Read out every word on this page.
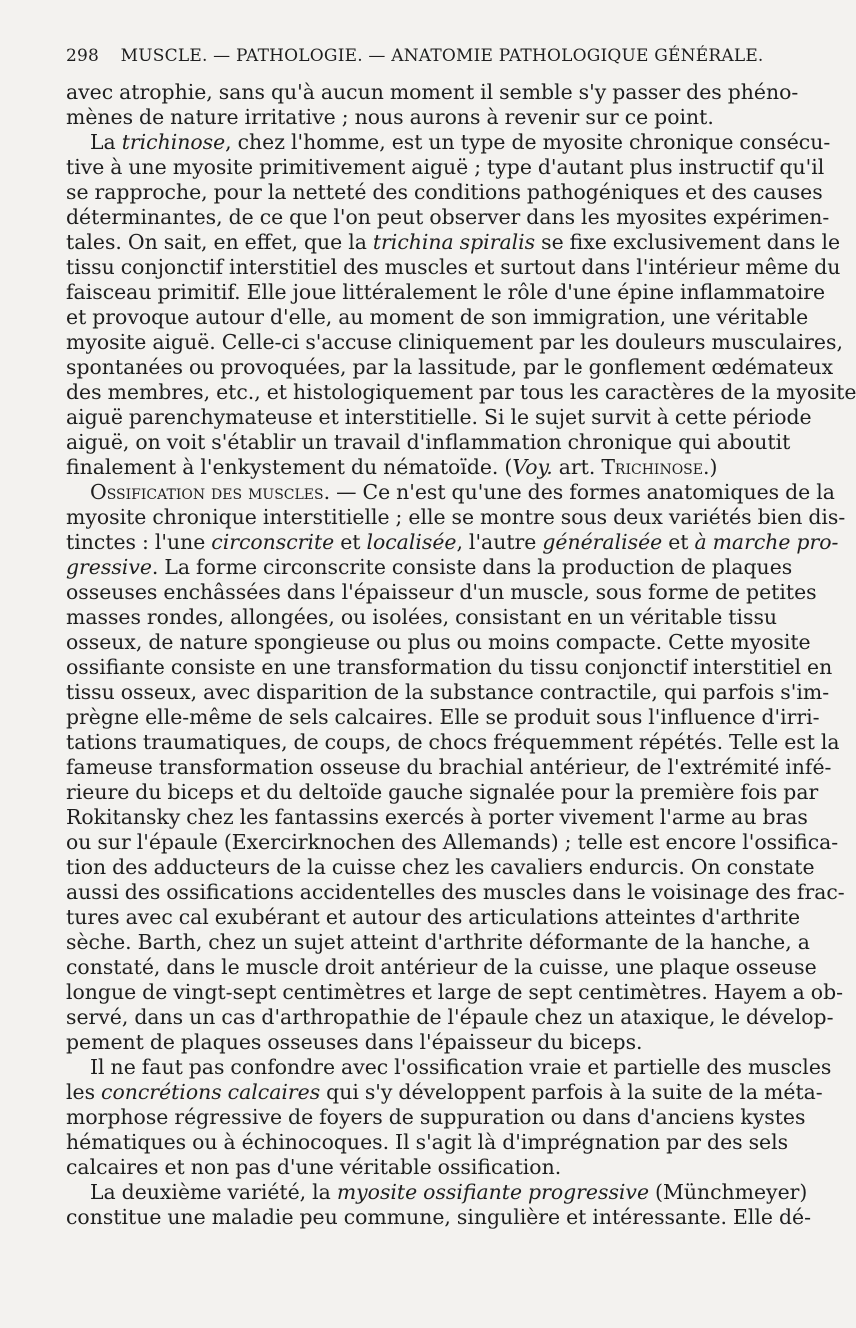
298 MUSCLE. — PATHOLOGIE. — ANATOMIE PATHOLOGIQUE GÉNÉRALE.
avec atrophie, sans qu'à aucun moment il semble s'y passer des phéno-
mènes de nature irritative ; nous aurons à revenir sur ce point.
La trichinose, chez l'homme, est un type de myosite chronique consécu-
tive à une myosite primitivement aiguë ; type d'autant plus instructif qu'il
se rapproche, pour la netteté des conditions pathogéniques et des causes
déterminantes, de ce que l'on peut observer dans les myosites expérimen-
tales. On sait, en effet, que la trichina spiralis se fixe exclusivement dans le
tissu conjonctif interstitiel des muscles et surtout dans l'intérieur même du
faisceau primitif. Elle joue littéralement le rôle d'une épine inflammatoire
et provoque autour d'elle, au moment de son immigration, une véritable
myosite aiguë. Celle-ci s'accuse cliniquement par les douleurs musculaires,
spontanées ou provoquées, par la lassitude, par le gonflement œdémateux
des membres, etc., et histologiquement par tous les caractères de la myosite
aiguë parenchymateuse et interstitielle. Si le sujet survit à cette période
aiguë, on voit s'établir un travail d'inflammation chronique qui aboutit
finalement à l'enkystement du nématoïde. (Voy. art. Trichinose.)
Ossification des muscles. — Ce n'est qu'une des formes anatomiques de la
myosite chronique interstitielle ; elle se montre sous deux variétés bien dis-
tinctes : l'une circonscrite et localisée, l'autre généralisée et à marche pro-
gressive. La forme circonscrite consiste dans la production de plaques
osseuses enchâssées dans l'épaisseur d'un muscle, sous forme de petites
masses rondes, allongées, ou isolées, consistant en un véritable tissu
osseux, de nature spongieuse ou plus ou moins compacte. Cette myosite
ossifiante consiste en une transformation du tissu conjonctif interstitiel en
tissu osseux, avec disparition de la substance contractile, qui parfois s'im-
prègne elle-même de sels calcaires. Elle se produit sous l'influence d'irri-
tations traumatiques, de coups, de chocs fréquemment répétés. Telle est la
fameuse transformation osseuse du brachial antérieur, de l'extrémité infé-
rieure du biceps et du deltoïde gauche signalée pour la première fois par
Rokitansky chez les fantassins exercés à porter vivement l'arme au bras
ou sur l'épaule (Exercirknochen des Allemands) ; telle est encore l'ossifica-
tion des adducteurs de la cuisse chez les cavaliers endurcis. On constate
aussi des ossifications accidentelles des muscles dans le voisinage des frac-
tures avec cal exubérant et autour des articulations atteintes d'arthrite
sèche. Barth, chez un sujet atteint d'arthrite déformante de la hanche, a
constaté, dans le muscle droit antérieur de la cuisse, une plaque osseuse
longue de vingt-sept centimètres et large de sept centimètres. Hayem a ob-
servé, dans un cas d'arthropathie de l'épaule chez un ataxique, le dévelop-
pement de plaques osseuses dans l'épaisseur du biceps.
Il ne faut pas confondre avec l'ossification vraie et partielle des muscles
les concrétions calcaires qui s'y développent parfois à la suite de la méta-
morphose régressive de foyers de suppuration ou dans d'anciens kystes
hématiques ou à échinocoques. Il s'agit là d'imprégnation par des sels
calcaires et non pas d'une véritable ossification.
La deuxième variété, la myosite ossifiante progressive (Münchmeyer)
constitue une maladie peu commune, singulière et intéressante. Elle dé-
